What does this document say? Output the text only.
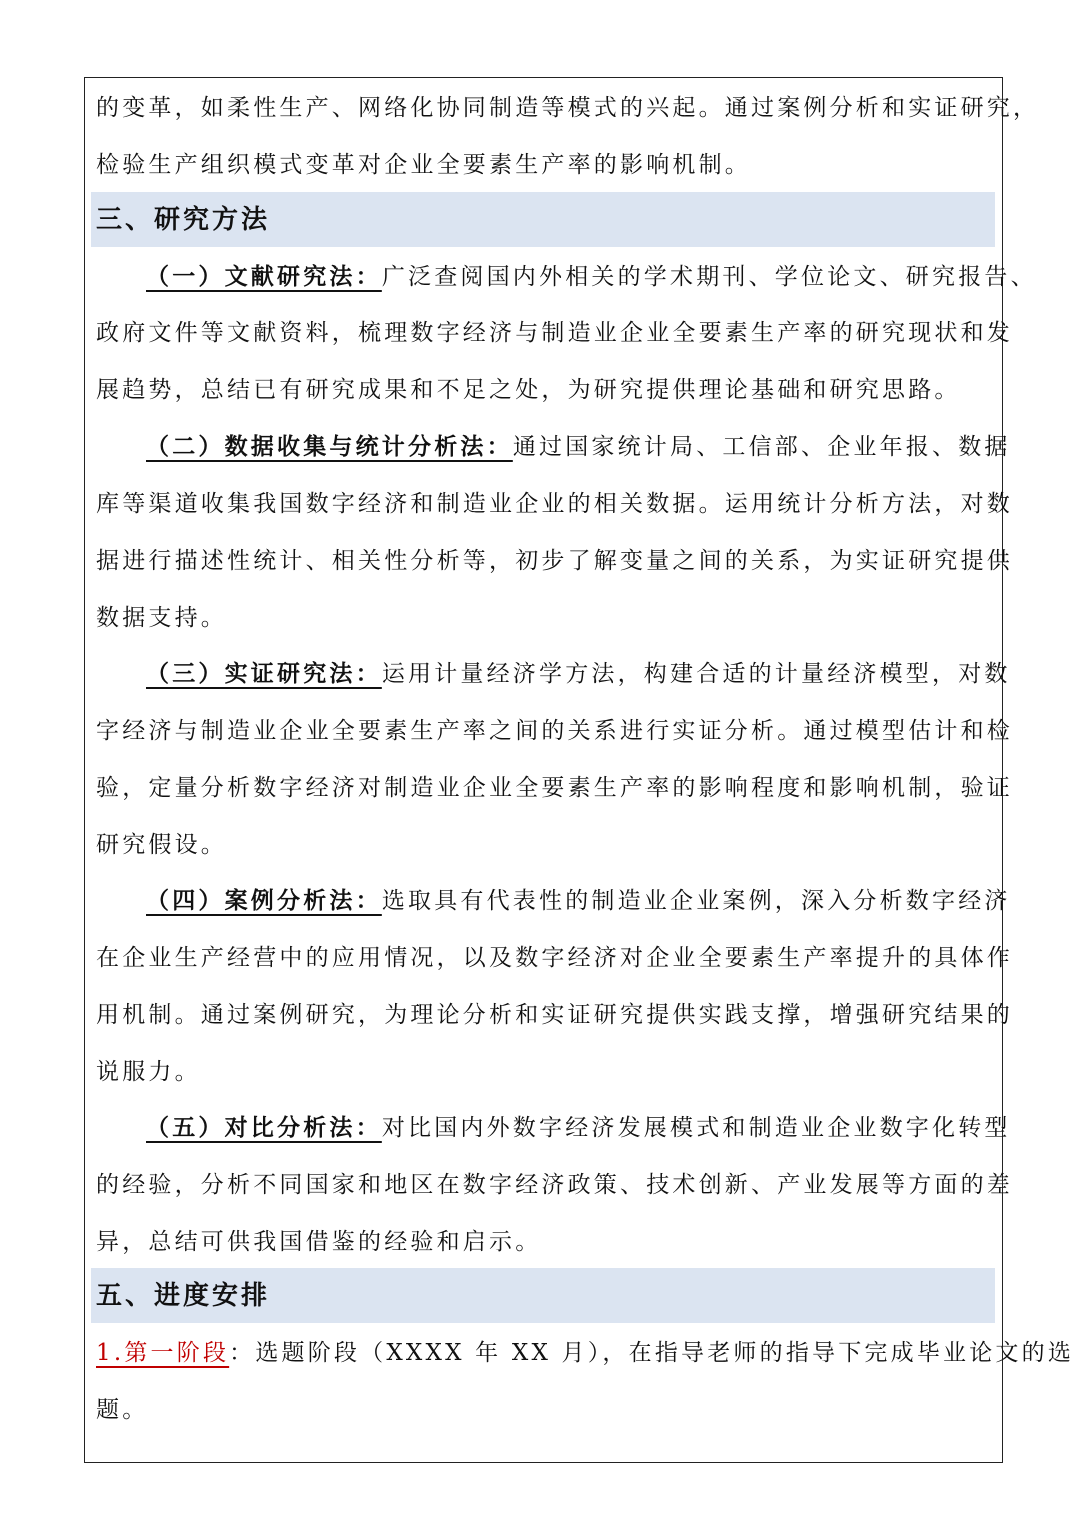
的变革，如柔性生产、网络化协同制造等模式的兴起。通过案例分析和实证研究，
检验生产组织模式变革对企业全要素生产率的影响机制。
三、研究方法
（一）文献研究法：广泛查阅国内外相关的学术期刊、学位论文、研究报告、
政府文件等文献资料，梳理数字经济与制造业企业全要素生产率的研究现状和发
展趋势，总结已有研究成果和不足之处，为研究提供理论基础和研究思路。
（二）数据收集与统计分析法：通过国家统计局、工信部、企业年报、数据
库等渠道收集我国数字经济和制造业企业的相关数据。运用统计分析方法，对数
据进行描述性统计、相关性分析等，初步了解变量之间的关系，为实证研究提供
数据支持。
（三）实证研究法：运用计量经济学方法，构建合适的计量经济模型，对数
字经济与制造业企业全要素生产率之间的关系进行实证分析。通过模型估计和检
验，定量分析数字经济对制造业企业全要素生产率的影响程度和影响机制，验证
研究假设。
（四）案例分析法：选取具有代表性的制造业企业案例，深入分析数字经济
在企业生产经营中的应用情况，以及数字经济对企业全要素生产率提升的具体作
用机制。通过案例研究，为理论分析和实证研究提供实践支撑，增强研究结果的
说服力。
（五）对比分析法：对比国内外数字经济发展模式和制造业企业数字化转型
的经验，分析不同国家和地区在数字经济政策、技术创新、产业发展等方面的差
异，总结可供我国借鉴的经验和启示。
五、进度安排
1.第一阶段：选题阶段（XXXX 年 XX 月），在指导老师的指导下完成毕业论文的选
题。
